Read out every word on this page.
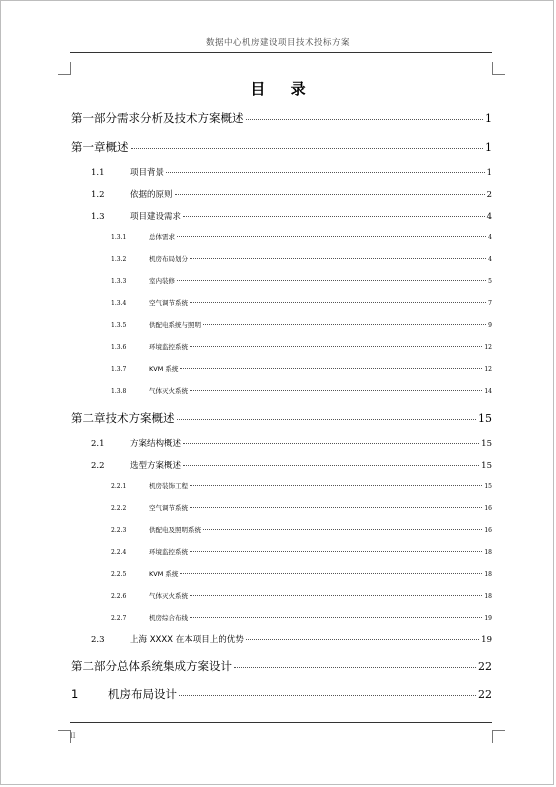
数据中心机房建设项目技术投标方案
目 录
第一部分需求分析及技术方案概述	1
第一章概述	1
1.1	项目背景	1
1.2	依据的原则	2
1.3	项目建设需求	4
1.3.1	总体需求	4
1.3.2	机房布局划分	4
1.3.3	室内装修	5
1.3.4	空气调节系统	7
1.3.5	供配电系统与照明	9
1.3.6	环境监控系统	12
1.3.7	KVM 系统	12
1.3.8	气体灭火系统	14
第二章技术方案概述	15
2.1	方案结构概述	15
2.2	选型方案概述	15
2.2.1	机房装饰工程	15
2.2.2	空气调节系统	16
2.2.3	供配电及照明系统	16
2.2.4	环境监控系统	18
2.2.5	KVM 系统	18
2.2.6	气体灭火系统	18
2.2.7	机房综合布线	19
2.3	上海 XXXX 在本项目上的优势	19
第二部分总体系统集成方案设计	22
1	机房布局设计	22
II
